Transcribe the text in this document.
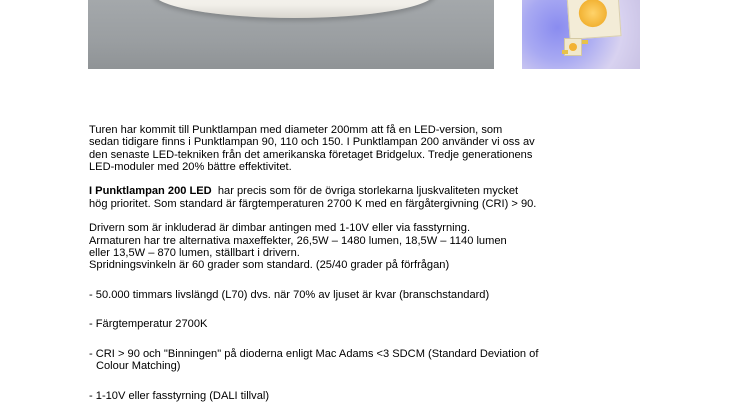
Turen har kommit till Punktlampan med diameter 200mm att få en LED-version, som

sedan tidigare finns i Punktlampan 90, 110 och 150. I Punktlampan 200 använder vi oss av

den senaste LED-tekniken från det amerikanska företaget Bridgelux. Tredje generationens

LED-moduler med 20% bättre effektivitet.

I Punktlampan 200 LED  har precis som för de övriga storlekarna ljuskvaliteten mycket

hög prioritet. Som standard är färgtemperaturen 2700 K med en färgåtergivning (CRI) > 90.

Drivern som är inkluderad är dimbar antingen med 1-10V eller via fasstyrning.

Armaturen har tre alternativa maxeffekter, 26,5W – 1480 lumen, 18,5W – 1140 lumen

eller 13,5W – 870 lumen, ställbart i drivern.

Spridningsvinkeln är 60 grader som standard. (25/40 grader på förfrågan)

- 50.000 timmars livslängd (L70) dvs. när 70% av ljuset är kvar (branschstandard)

- Färgtemperatur 2700K

- CRI > 90 och "Binningen" på dioderna enligt Mac Adams <3 SDCM (Standard Deviation of

Colour Matching)

- 1-10V eller fasstyrning (DALI tillval)
